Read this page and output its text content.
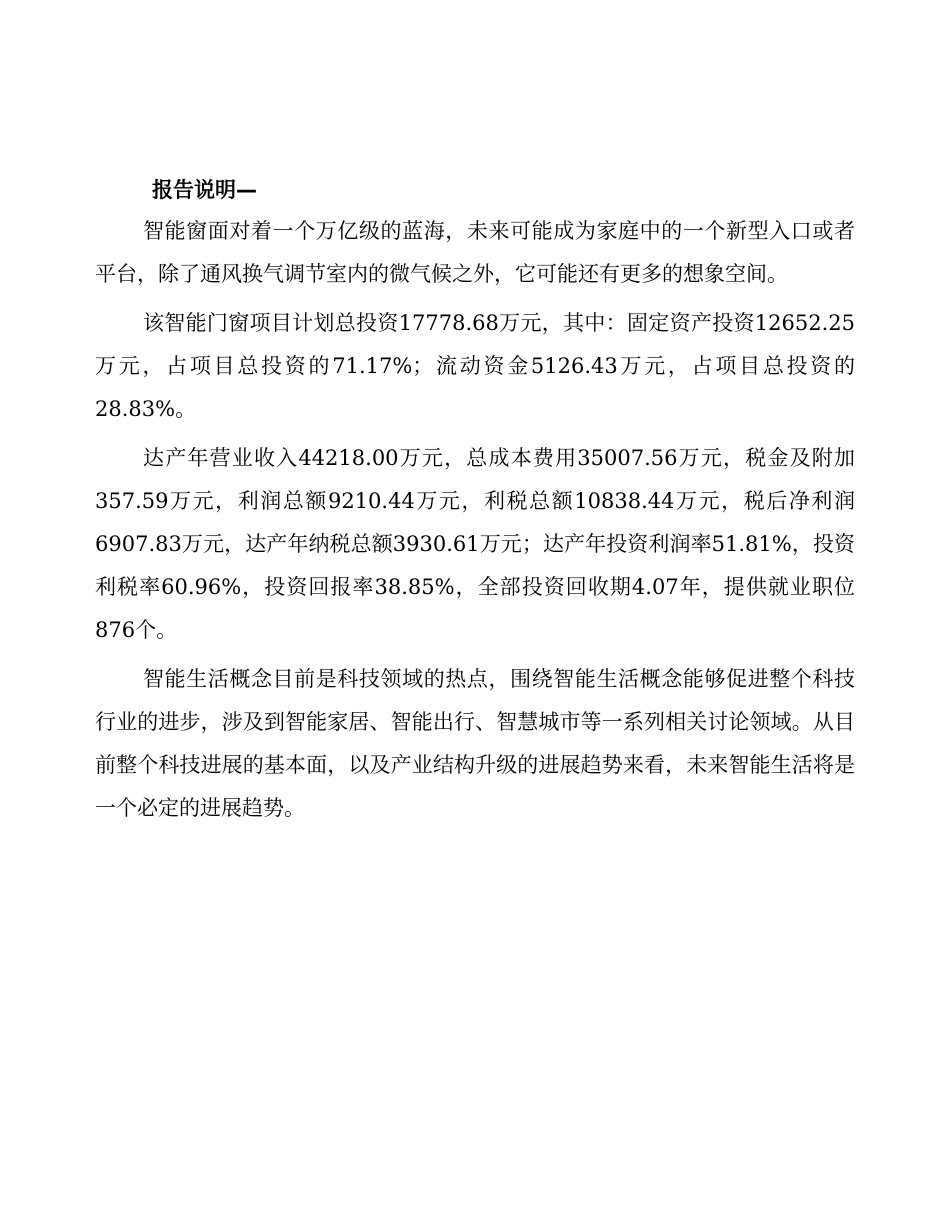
报告说明—

智能窗面对着一个万亿级的蓝海，未来可能成为家庭中的一个新型入口或者平台，除了通风换气调节室内的微气候之外，它可能还有更多的想象空间。

该智能门窗项目计划总投资17778.68万元，其中：固定资产投资12652.25万元，占项目总投资的71.17%；流动资金5126.43万元，占项目总投资的28.83%。

达产年营业收入44218.00万元，总成本费用35007.56万元，税金及附加357.59万元，利润总额9210.44万元，利税总额10838.44万元，税后净利润6907.83万元，达产年纳税总额3930.61万元；达产年投资利润率51.81%，投资利税率60.96%，投资回报率38.85%，全部投资回收期4.07年，提供就业职位876个。

智能生活概念目前是科技领域的热点，围绕智能生活概念能够促进整个科技行业的进步，涉及到智能家居、智能出行、智慧城市等一系列相关讨论领域。从目前整个科技进展的基本面，以及产业结构升级的进展趋势来看，未来智能生活将是一个必定的进展趋势。
